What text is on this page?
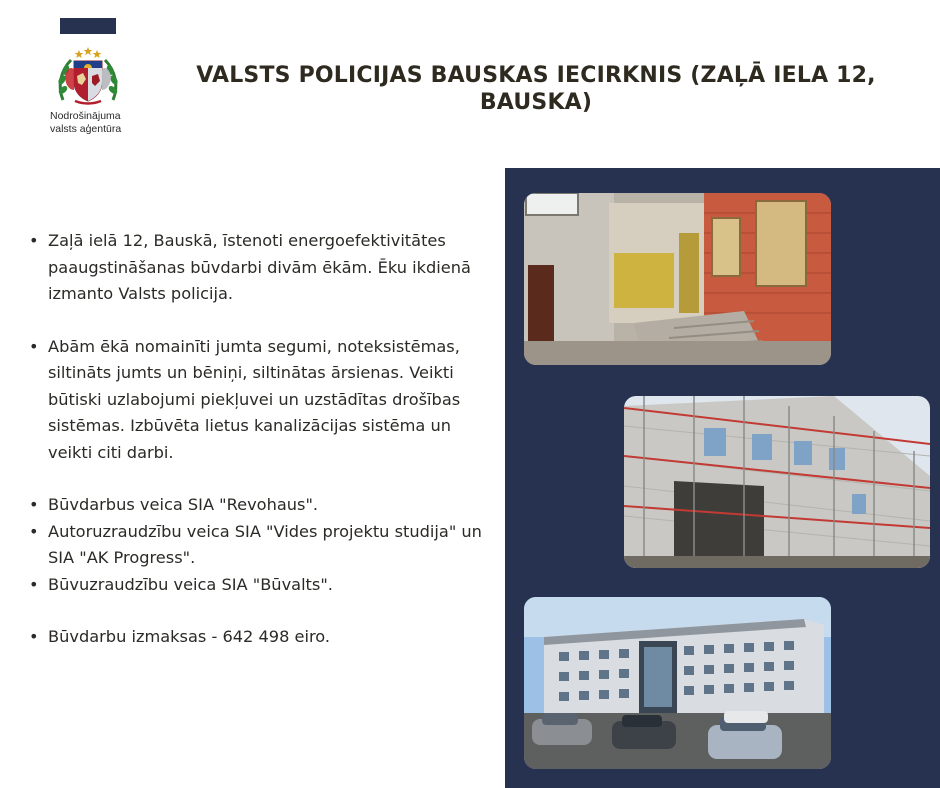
Nodrošinājuma
valsts aģentūra
VALSTS POLICIJAS BAUSKAS IECIRKNIS (ZAĻĀ IELA 12, BAUSKA)
• Zaļā ielā 12, Bauskā, īstenoti energoefektivitātes paaugstināšanas būvdarbi divām ēkām. Ēku ikdienā izmanto Valsts policija.
• Abām ēkā nomainīti jumta segumi, noteksistēmas, siltināts jumts un bēniņi, siltinātas ārsienas. Veikti būtiski uzlabojumi piekļuvei un uzstādītas drošības sistēmas. Izbūvēta lietus kanalizācijas sistēma un veikti citi darbi.
• Būvdarbus veica SIA "Revohaus".
• Autoruzraudzību veica SIA "Vides projektu studija" un SIA "AK Progress".
• Būvuzraudzību veica SIA "Būvalts".
• Būvdarbu izmaksas - 642 498 eiro.
